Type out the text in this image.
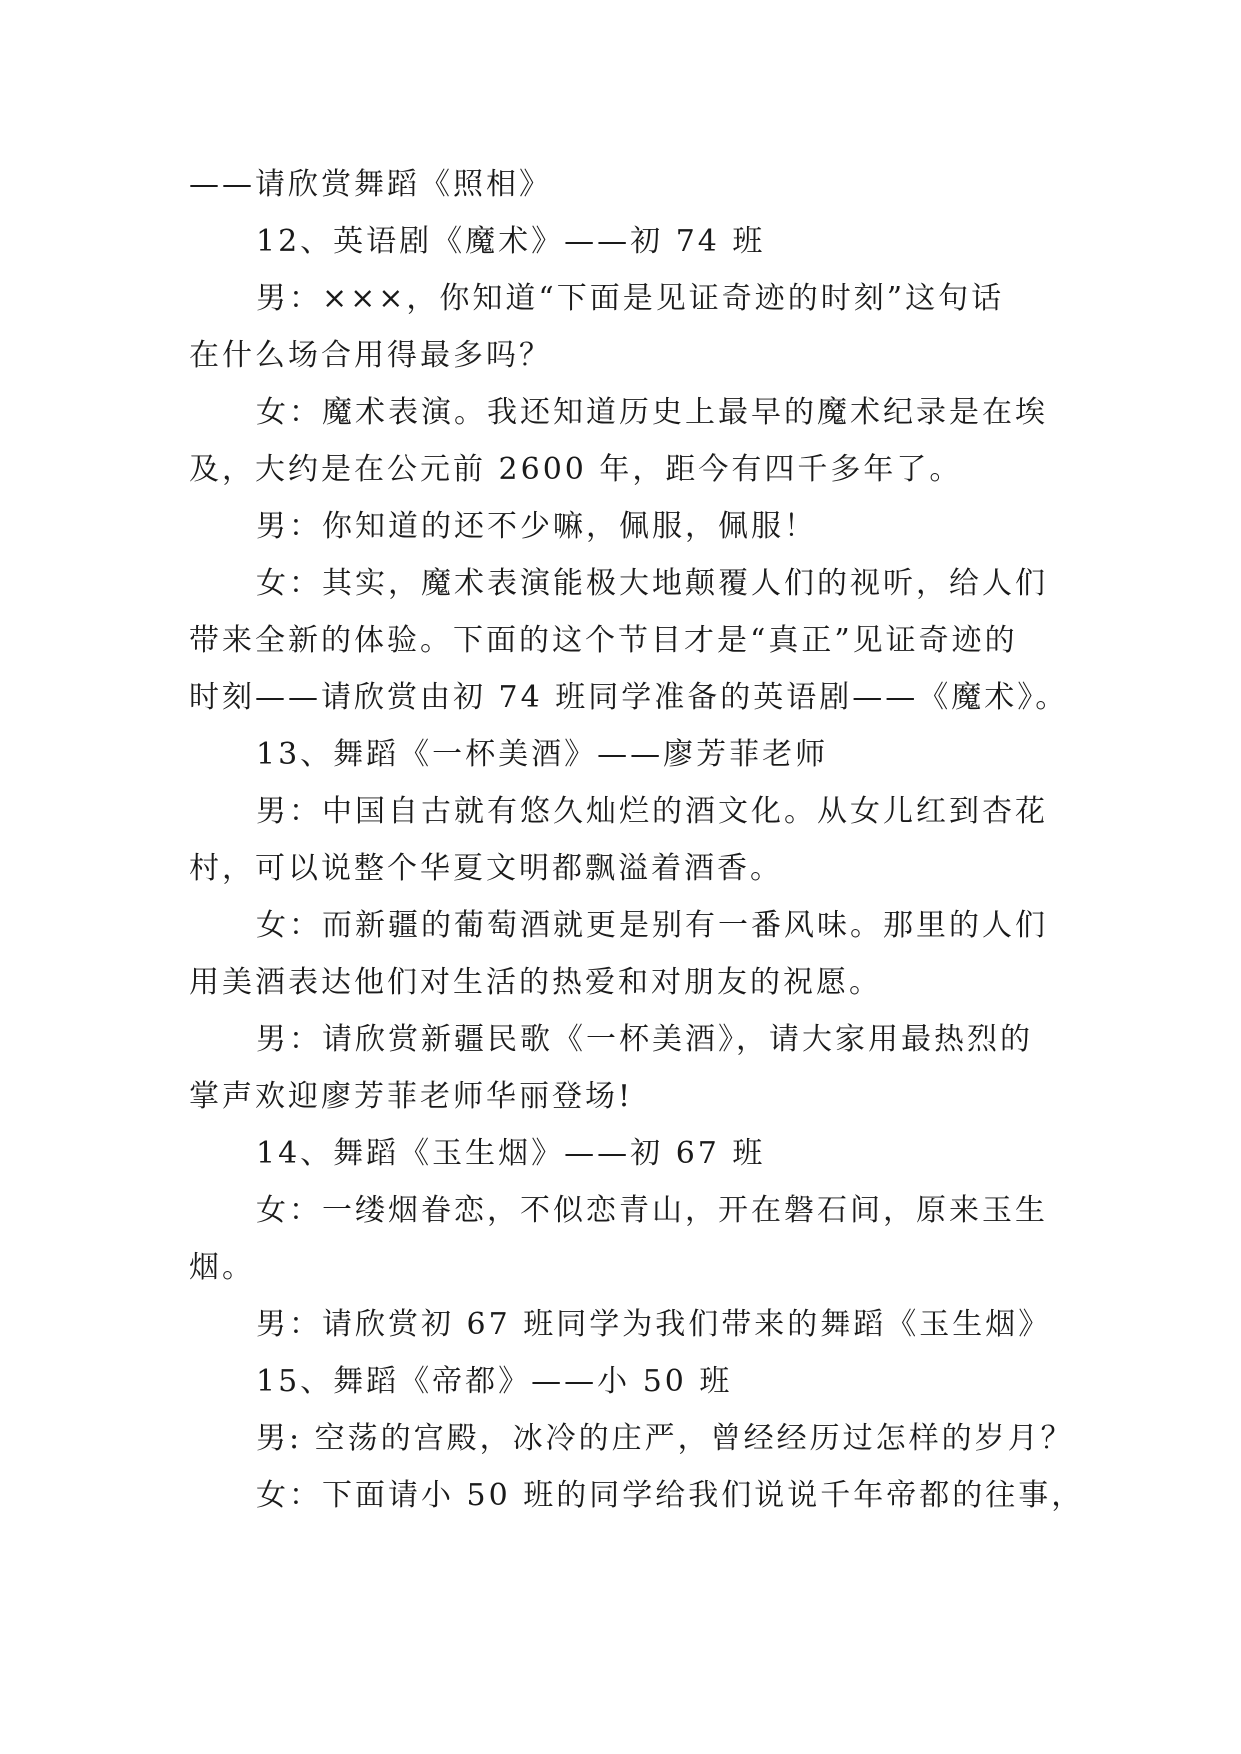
——请欣赏舞蹈《照相》
12、英语剧《魔术》——初 74 班
男：×××，你知道“下面是见证奇迹的时刻”这句话
在什么场合用得最多吗？
女：魔术表演。我还知道历史上最早的魔术纪录是在埃
及，大约是在公元前 2600 年，距今有四千多年了。
男：你知道的还不少嘛，佩服，佩服！
女：其实，魔术表演能极大地颠覆人们的视听，给人们
带来全新的体验。下面的这个节目才是“真正”见证奇迹的
时刻——请欣赏由初 74 班同学准备的英语剧——《魔术》。
13、舞蹈《一杯美酒》——廖芳菲老师
男：中国自古就有悠久灿烂的酒文化。从女儿红到杏花
村，可以说整个华夏文明都飘溢着酒香。
女：而新疆的葡萄酒就更是别有一番风味。那里的人们
用美酒表达他们对生活的热爱和对朋友的祝愿。
男：请欣赏新疆民歌《一杯美酒》，请大家用最热烈的
掌声欢迎廖芳菲老师华丽登场!
14、舞蹈《玉生烟》——初 67 班
女：一缕烟眷恋，不似恋青山，开在磐石间，原来玉生
烟。
男：请欣赏初 67 班同学为我们带来的舞蹈《玉生烟》
15、舞蹈《帝都》——小 50 班
男: 空荡的宫殿，冰冷的庄严，曾经经历过怎样的岁月？
女：下面请小 50 班的同学给我们说说千年帝都的往事，
